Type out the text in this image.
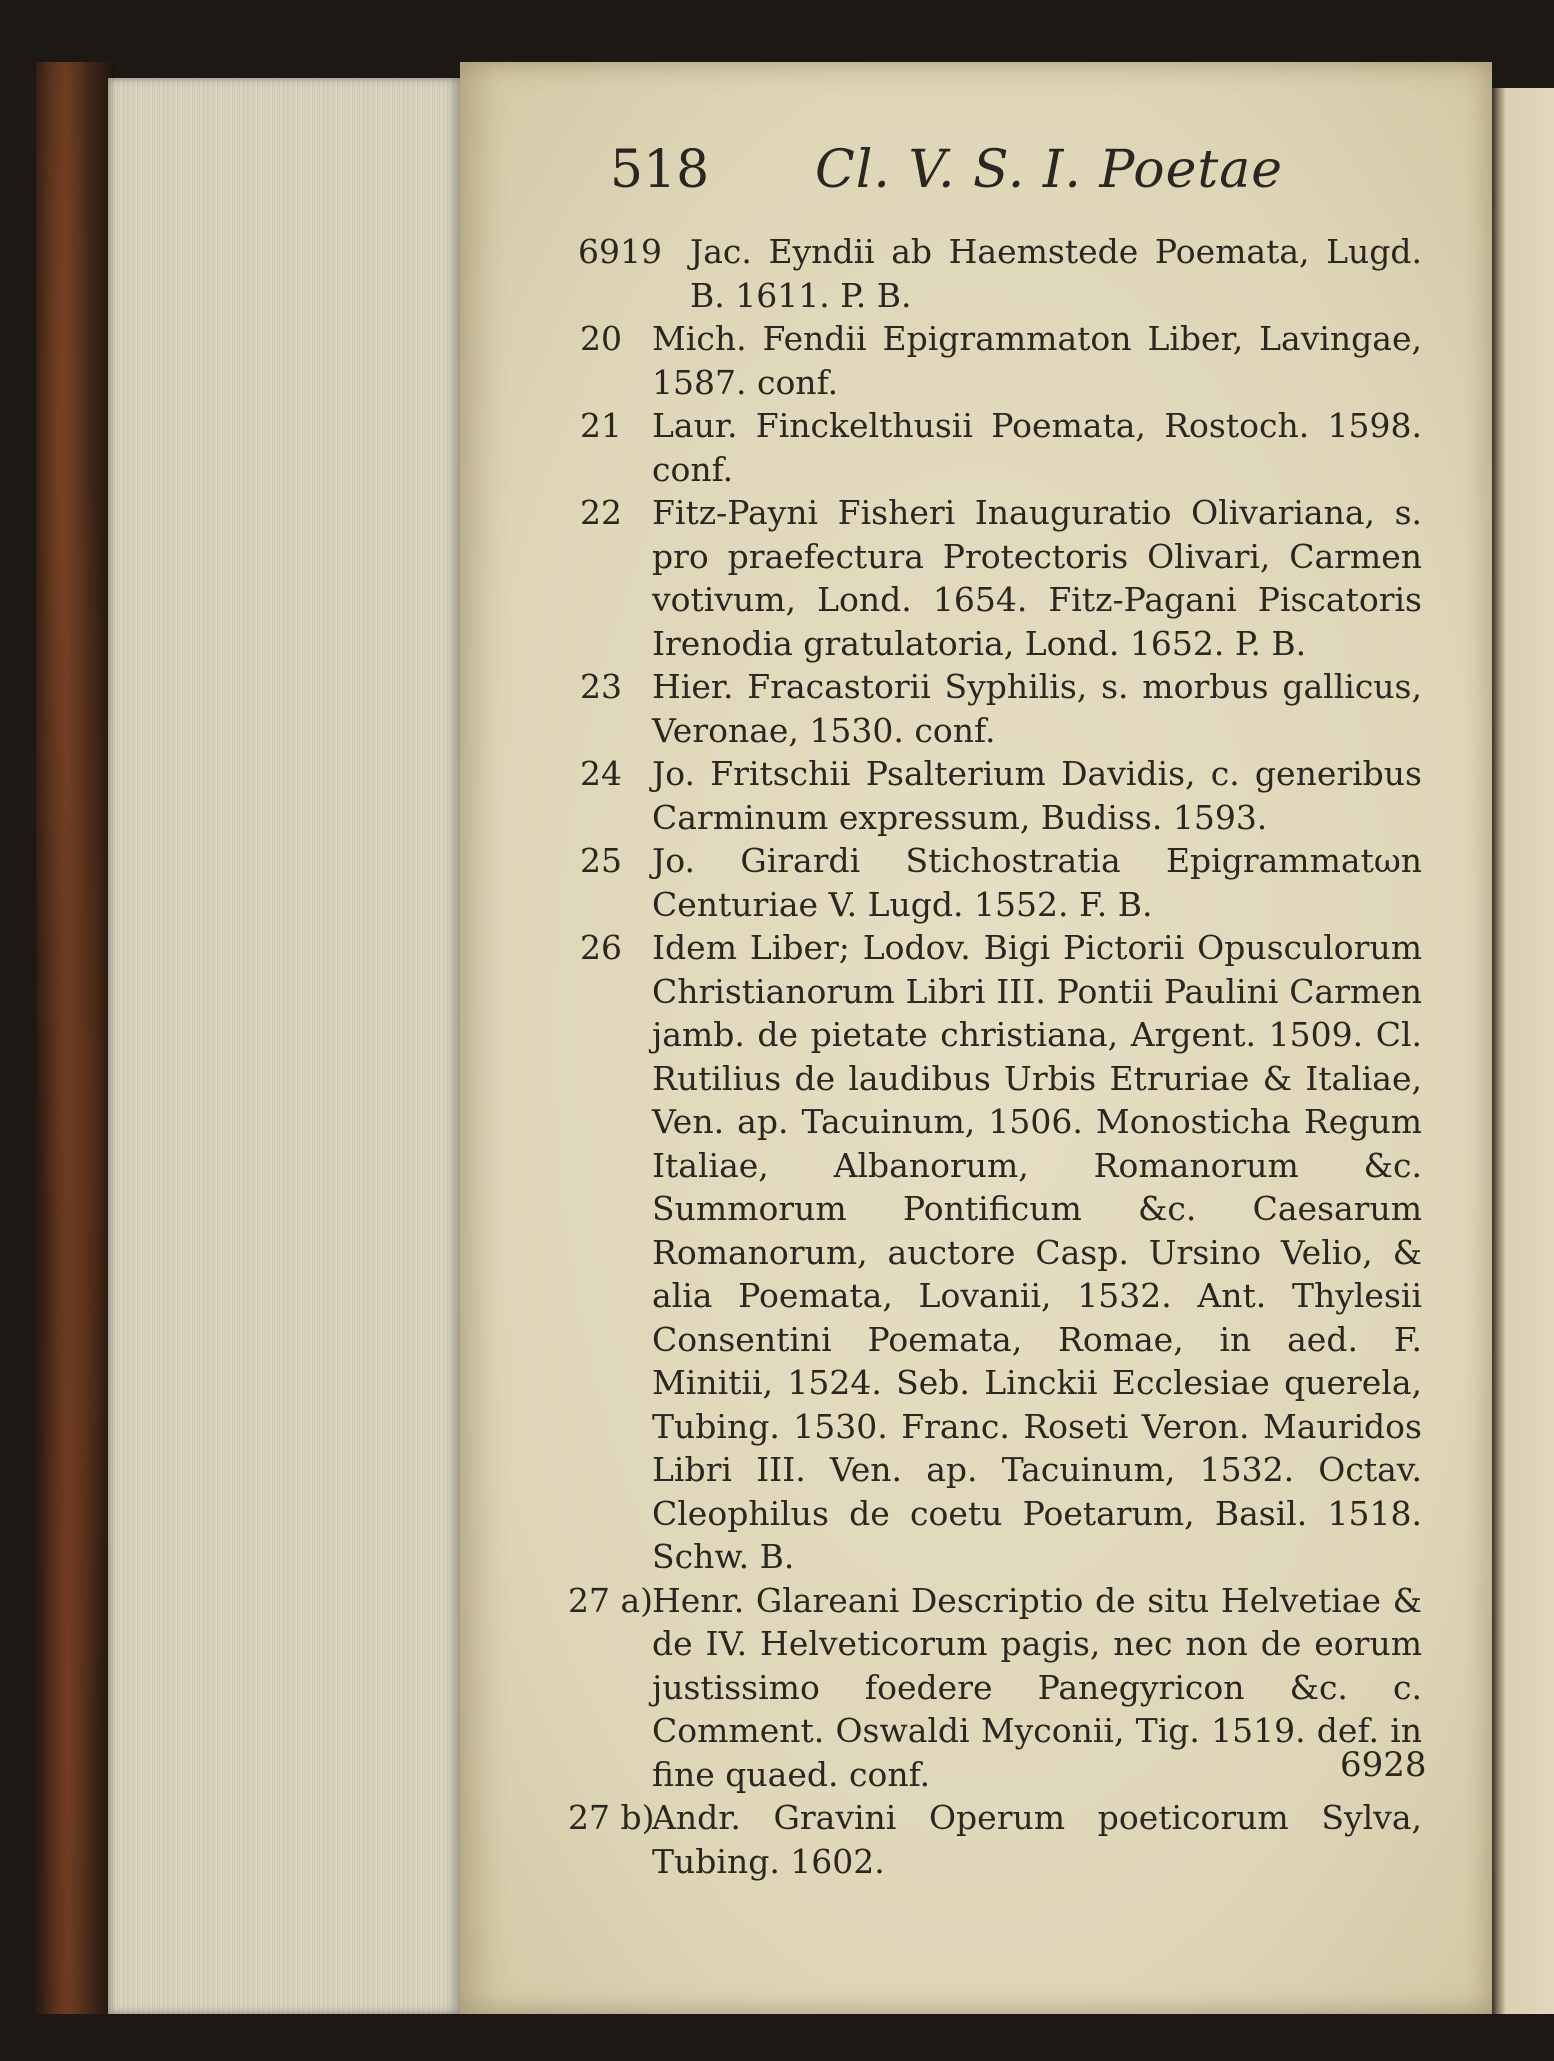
518 Cl. V. S. I. Poetae
6919 Jac. Eyndii ab Haemstede Poemata, Lugd. B. 1611. P. B.
20 Mich. Fendii Epigrammaton Liber, Lavingae, 1587. conf.
21 Laur. Finckelthusii Poemata, Rostoch. 1598. conf.
22 Fitz-Payni Fisheri Inauguratio Olivariana, s. pro praefectura Protectoris Olivari, Carmen votivum, Lond. 1654. Fitz-Pagani Piscatoris Irenodia gratulatoria, Lond. 1652. P. B.
23 Hier. Fracastorii Syphilis, s. morbus gallicus, Veronae, 1530. conf.
24 Jo. Fritschii Psalterium Davidis, c. generibus Carminum expressum, Budiss. 1593.
25 Jo. Girardi Stichostratia Epigrammatωn Centuriae V. Lugd. 1552. F. B.
26 Idem Liber; Lodov. Bigi Pictorii Opusculorum Christianorum Libri III. Pontii Paulini Carmen jamb. de pietate christiana, Argent. 1509. Cl. Rutilius de laudibus Urbis Etruriae & Italiae, Ven. ap. Tacuinum, 1506. Monosticha Regum Italiae, Albanorum, Romanorum &c. Summorum Pontificum &c. Caesarum Romanorum, auctore Casp. Ursino Velio, & alia Poemata, Lovanii, 1532. Ant. Thylesii Consentini Poemata, Romae, in aed. F. Minitii, 1524. Seb. Linckii Ecclesiae querela, Tubing. 1530. Franc. Roseti Veron. Mauridos Libri III. Ven. ap. Tacuinum, 1532. Octav. Cleophilus de coetu Poetarum, Basil. 1518. Schw. B.
27 a)
Henr. Glareani Descriptio de situ Helvetiae & de IV. Helveticorum pagis, nec non de eorum justissimo foedere Panegyricon &c. c. Comment. Oswaldi Myconii, Tig. 1519. def. in fine quaed. conf.
27 b)
Andr. Gravini Operum poeticorum Sylva, Tubing. 1602.
6928
